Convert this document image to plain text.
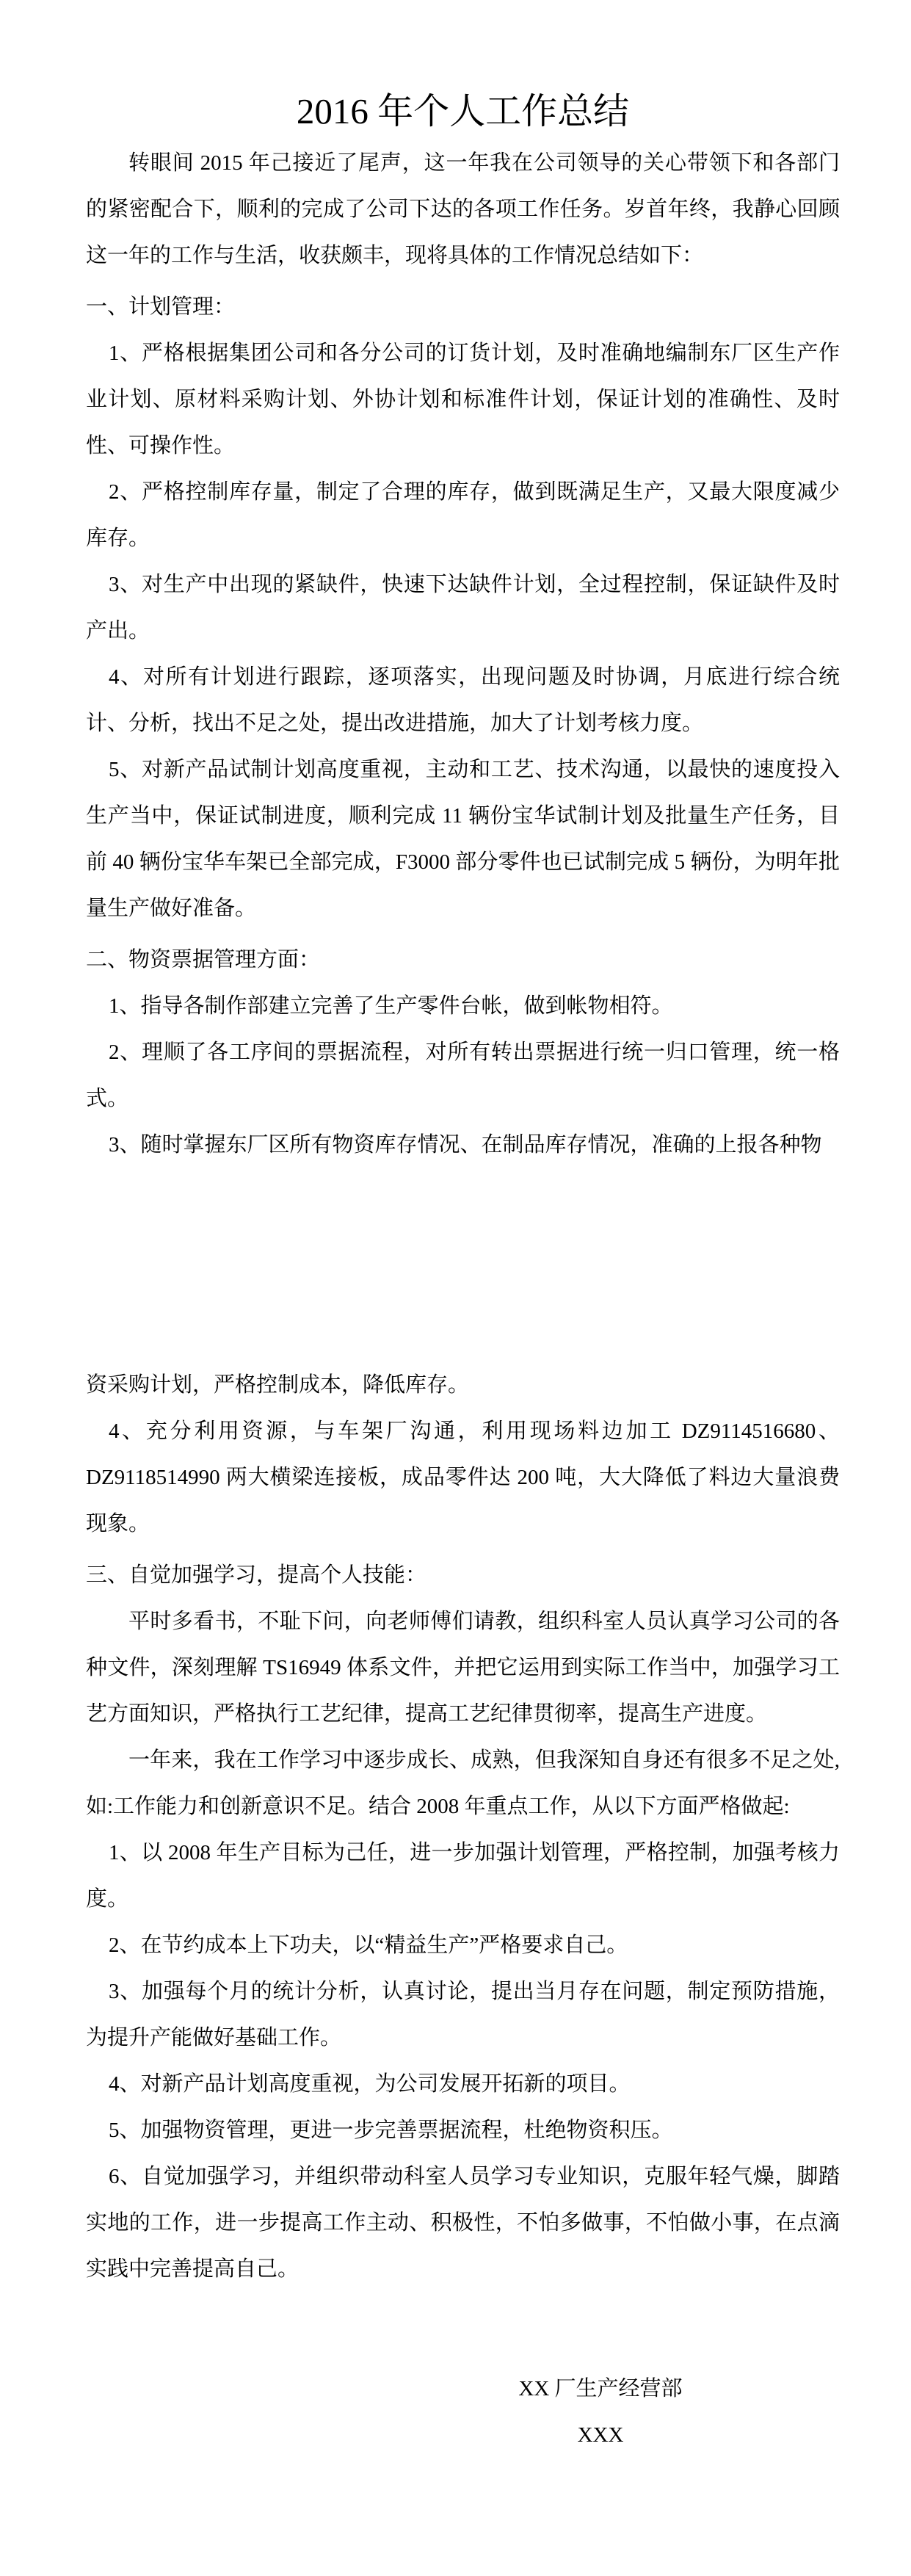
2016 年个人工作总结

转眼间 2015 年己接近了尾声，这一年我在公司领导的关心带领下和各部门的紧密配合下，顺利的完成了公司下达的各项工作任务。岁首年终，我静心回顾这一年的工作与生活，收获颇丰，现将具体的工作情况总结如下：

一、计划管理：

1、严格根据集团公司和各分公司的订货计划，及时准确地编制东厂区生产作业计划、原材料采购计划、外协计划和标准件计划，保证计划的准确性、及时性、可操作性。

2、严格控制库存量，制定了合理的库存，做到既满足生产，又最大限度减少库存。

3、对生产中出现的紧缺件，快速下达缺件计划，全过程控制，保证缺件及时产出。

4、对所有计划进行跟踪，逐项落实，出现问题及时协调，月底进行综合统计、分析，找出不足之处，提出改进措施，加大了计划考核力度。

5、对新产品试制计划高度重视，主动和工艺、技术沟通，以最快的速度投入生产当中，保证试制进度，顺利完成 11 辆份宝华试制计划及批量生产任务，目前 40 辆份宝华车架已全部完成，F3000 部分零件也已试制完成 5 辆份，为明年批量生产做好准备。

二、物资票据管理方面：

1、指导各制作部建立完善了生产零件台帐，做到帐物相符。

2、理顺了各工序间的票据流程，对所有转出票据进行统一归口管理，统一格式。

3、随时掌握东厂区所有物资库存情况、在制品库存情况，准确的上报各种物

资采购计划，严格控制成本，降低库存。

4、充分利用资源，与车架厂沟通，利用现场料边加工 DZ9114516680、DZ9118514990 两大横梁连接板，成品零件达 200 吨，大大降低了料边大量浪费现象。

三、自觉加强学习，提高个人技能：

平时多看书，不耻下问，向老师傅们请教，组织科室人员认真学习公司的各种文件，深刻理解 TS16949 体系文件，并把它运用到实际工作当中，加强学习工艺方面知识，严格执行工艺纪律，提高工艺纪律贯彻率，提高生产进度。

一年来，我在工作学习中逐步成长、成熟，但我深知自身还有很多不足之处, 如:工作能力和创新意识不足。结合 2008 年重点工作，从以下方面严格做起:

1、以 2008 年生产目标为己任，进一步加强计划管理，严格控制，加强考核力度。

2、在节约成本上下功夫，以“精益生产”严格要求自己。

3、加强每个月的统计分析，认真讨论，提出当月存在问题，制定预防措施，为提升产能做好基础工作。

4、对新产品计划高度重视，为公司发展开拓新的项目。

5、加强物资管理，更进一步完善票据流程，杜绝物资积压。

6、自觉加强学习，并组织带动科室人员学习专业知识，克服年轻气燥，脚踏实地的工作，进一步提高工作主动、积极性，不怕多做事，不怕做小事，在点滴实践中完善提高自己。

XX 厂生产经营部
XXX
